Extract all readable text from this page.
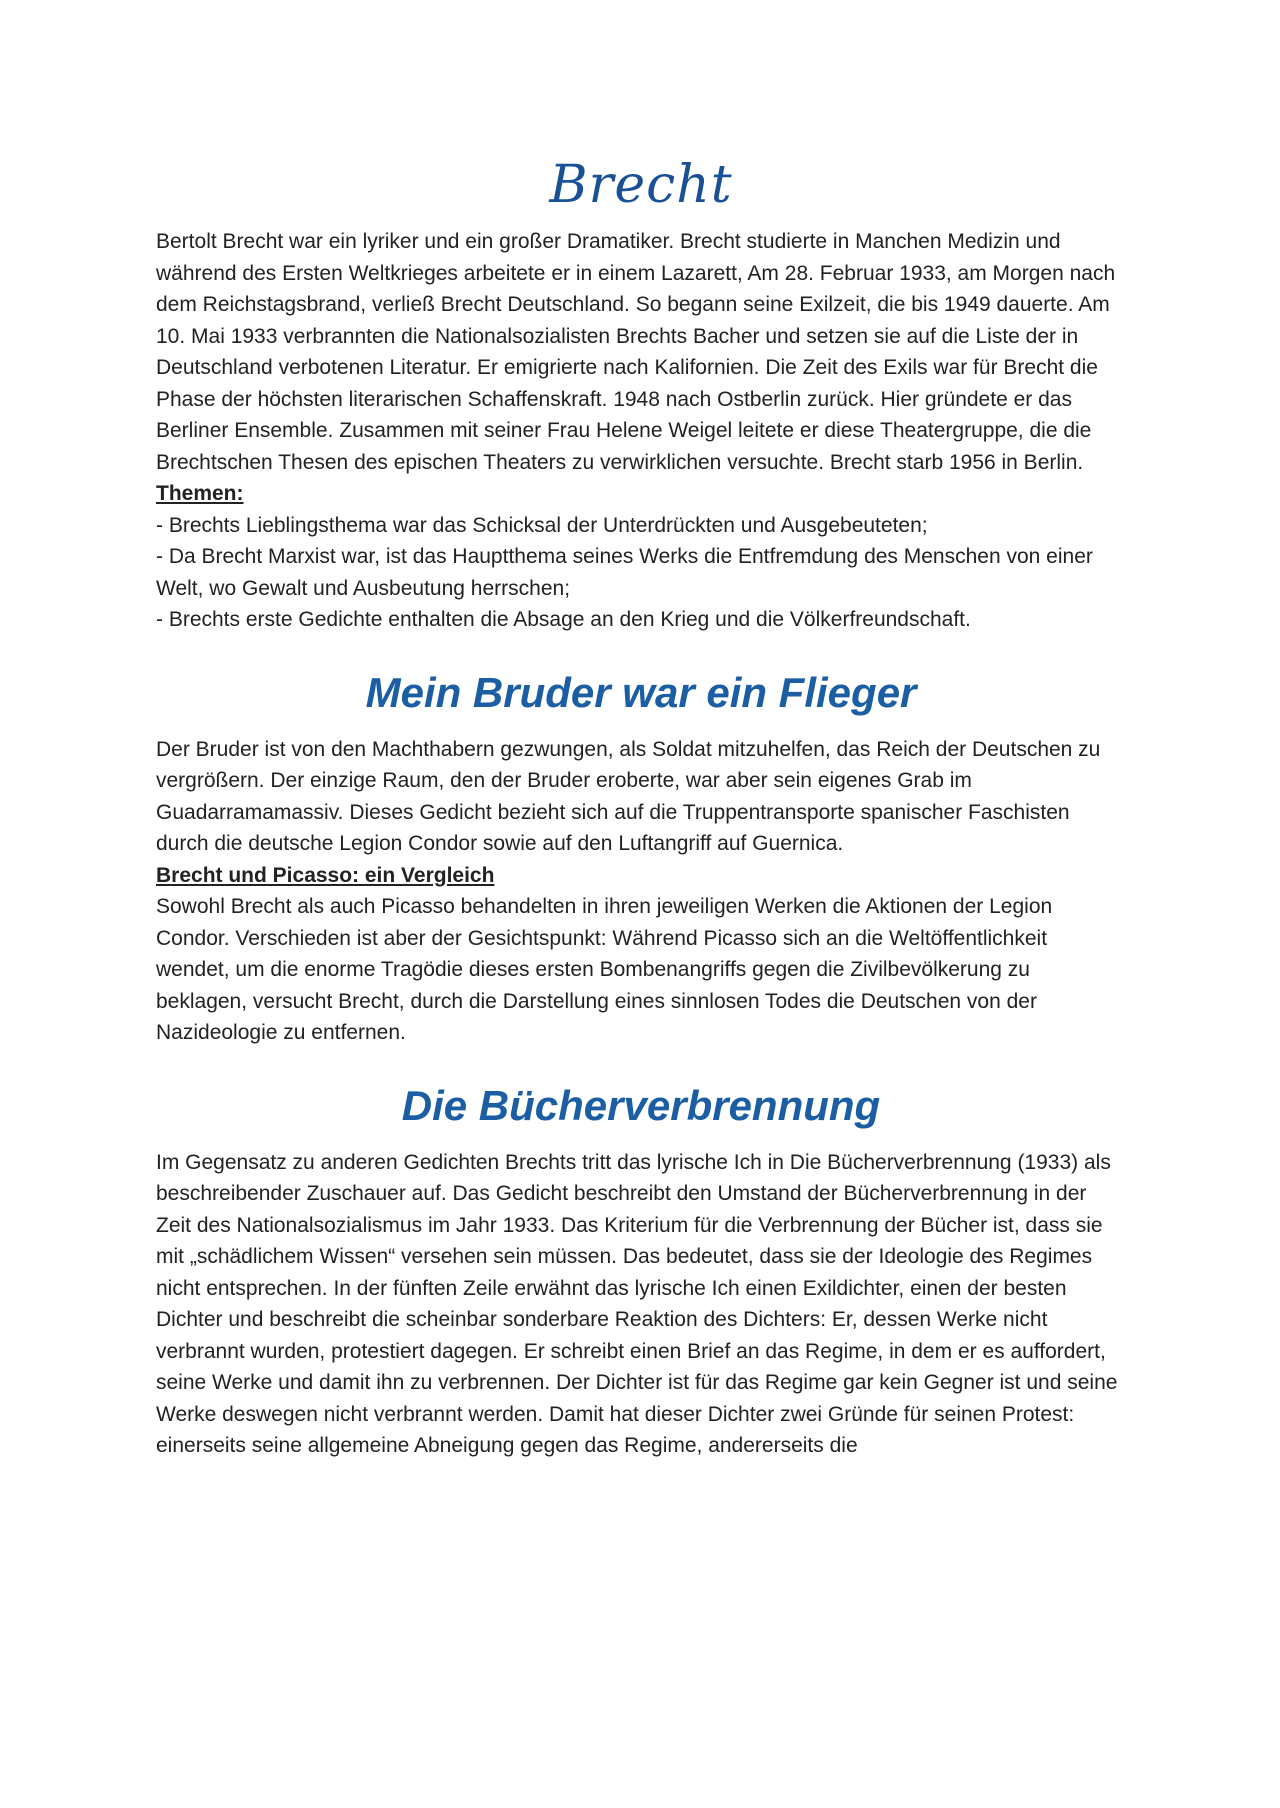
Brecht

Bertolt Brecht war ein lyriker und ein großer Dramatiker. Brecht studierte in Manchen Medizin und während des Ersten Weltkrieges arbeitete er in einem Lazarett, Am 28. Februar 1933, am Morgen nach dem Reichstagsbrand, verließ Brecht Deutschland. So begann seine Exilzeit, die bis 1949 dauerte. Am 10. Mai 1933 verbrannten die Nationalsozialisten Brechts Bacher und setzen sie auf die Liste der in Deutschland verbotenen Literatur. Er emigrierte nach Kalifornien. Die Zeit des Exils war für Brecht die Phase der höchsten literarischen Schaffenskraft. 1948 nach Ostberlin zurück. Hier gründete er das Berliner Ensemble. Zusammen mit seiner Frau Helene Weigel leitete er diese Theatergruppe, die die Brechtschen Thesen des epischen Theaters zu verwirklichen versuchte. Brecht starb 1956 in Berlin.

Themen:

- Brechts Lieblingsthema war das Schicksal der Unterdrückten und Ausgebeuteten;
- Da Brecht Marxist war, ist das Hauptthema seines Werks die Entfremdung des Menschen von einer Welt, wo Gewalt und Ausbeutung herrschen;
- Brechts erste Gedichte enthalten die Absage an den Krieg und die Völkerfreundschaft.
Mein Bruder war ein Flieger

Der Bruder ist von den Machthabern gezwungen, als Soldat mitzuhelfen, das Reich der Deutschen zu vergrößern. Der einzige Raum, den der Bruder eroberte, war aber sein eigenes Grab im Guadarramamassiv. Dieses Gedicht bezieht sich auf die Truppentransporte spanischer Faschisten durch die deutsche Legion Condor sowie auf den Luftangriff auf Guernica.

Brecht und Picasso: ein Vergleich

Sowohl Brecht als auch Picasso behandelten in ihren jeweiligen Werken die Aktionen der Legion Condor. Verschieden ist aber der Gesichtspunkt: Während Picasso sich an die Weltöffentlichkeit wendet, um die enorme Tragödie dieses ersten Bombenangriffs gegen die Zivilbevölkerung zu beklagen, versucht Brecht, durch die Darstellung eines sinnlosen Todes die Deutschen von der Nazideologie zu entfernen.

Die Bücherverbrennung

Im Gegensatz zu anderen Gedichten Brechts tritt das lyrische Ich in Die Bücherverbrennung (1933) als beschreibender Zuschauer auf. Das Gedicht beschreibt den Umstand der Bücherverbrennung in der Zeit des Nationalsozialismus im Jahr 1933. Das Kriterium für die Verbrennung der Bücher ist, dass sie mit „schädlichem Wissen“ versehen sein müssen. Das bedeutet, dass sie der Ideologie des Regimes nicht entsprechen. In der fünften Zeile erwähnt das lyrische Ich einen Exildichter, einen der besten Dichter und beschreibt die scheinbar sonderbare Reaktion des Dichters: Er, dessen Werke nicht verbrannt wurden, protestiert dagegen. Er schreibt einen Brief an das Regime, in dem er es auffordert, seine Werke und damit ihn zu verbrennen. Der Dichter ist für das Regime gar kein Gegner ist und seine Werke deswegen nicht verbrannt werden. Damit hat dieser Dichter zwei Gründe für seinen Protest: einerseits seine allgemeine Abneigung gegen das Regime, andererseits die
